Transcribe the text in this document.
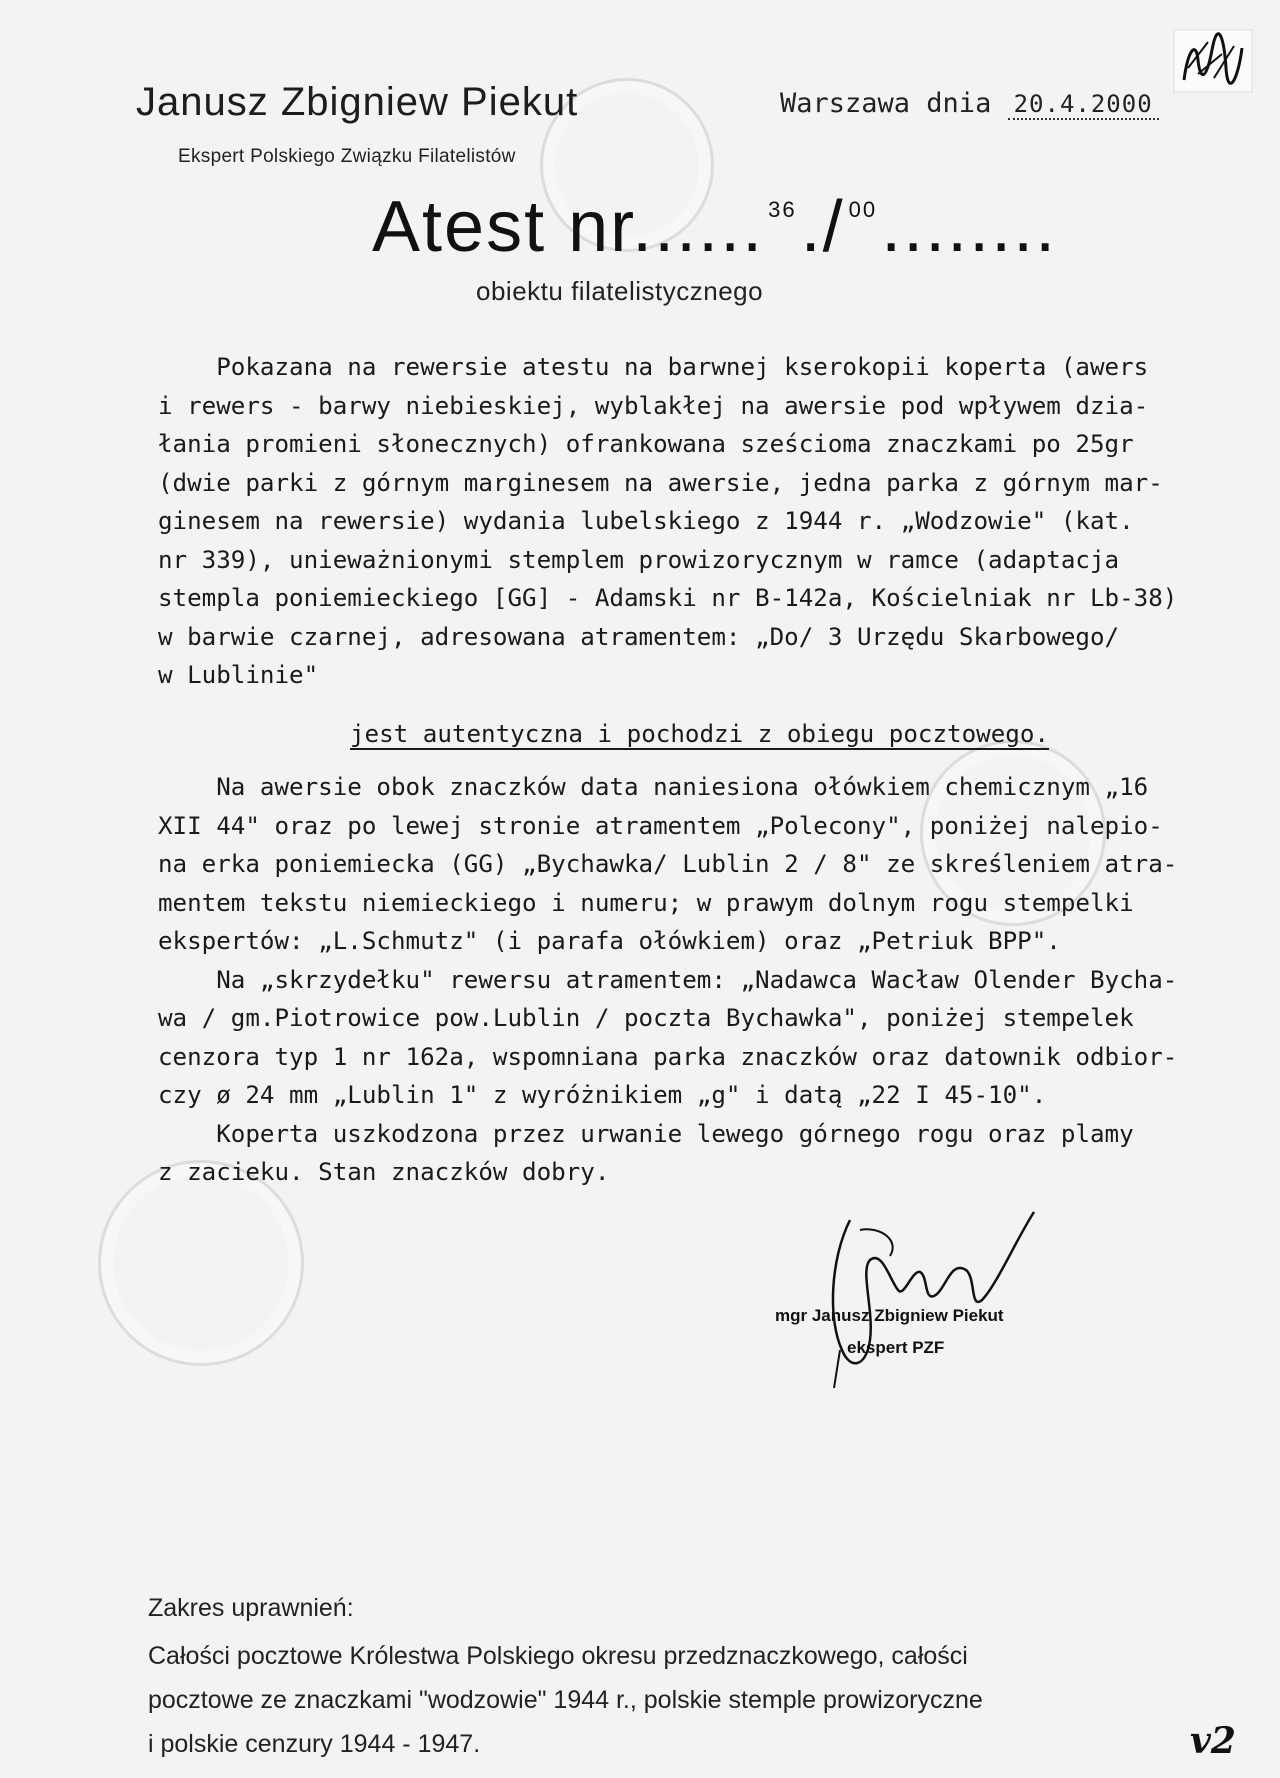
Janusz Zbigniew Piekut
Ekspert Polskiego Związku Filatelistów
Warszawa dnia 20.4.2000
Atest nr...... $^{36}$./ $^{00}$........
obiektu filatelistycznego

Pokazana na rewersie atestu na barwnej kserokopii koperta (awers

i rewers - barwy niebieskiej, wyblakłej na awersie pod wpływem dzia-

łania promieni słonecznych) ofrankowana sześcioma znaczkami po 25gr

(dwie parki z górnym marginesem na awersie, jedna parka z górnym mar-

ginesem na rewersie) wydania lubelskiego z 1944 r. „Wodzowie" (kat.

nr 339), unieważnionymi stemplem prowizorycznym w ramce (adaptacja

stempla poniemieckiego [GG] - Adamski nr B-142a, Kościelniak nr Lb-38)

w barwie czarnej, adresowana atramentem: „Do/ 3 Urzędu Skarbowego/

w Lublinie"

jest autentyczna i pochodzi z obiegu pocztowego.

Na awersie obok znaczków data naniesiona ołówkiem chemicznym „16

XII 44" oraz po lewej stronie atramentem „Polecony", poniżej nalepio-

na erka poniemiecka (GG) „Bychawka/ Lublin 2 / 8" ze skreśleniem atra-

mentem tekstu niemieckiego i numeru; w prawym dolnym rogu stempelki

ekspertów: „L.Schmutz" (i parafa ołówkiem) oraz „Petriuk BPP".

Na „skrzydełku" rewersu atramentem: „Nadawca Wacław Olender Bycha-

wa / gm.Piotrowice pow.Lublin / poczta Bychawka", poniżej stempelek

cenzora typ 1 nr 162a, wspomniana parka znaczków oraz datownik odbior-

czy ø 24 mm „Lublin 1" z wyróżnikiem „g" i datą „22 I 45-10".

Koperta uszkodzona przez urwanie lewego górnego rogu oraz plamy

z zacieku. Stan znaczków dobry.

mgr Janusz Zbigniew Piekut
ekspert PZF
Zakres uprawnień:

Całości pocztowe Królestwa Polskiego okresu przedznaczkowego, całości

pocztowe ze znaczkami "wodzowie" 1944 r., polskie stemple prowizoryczne

i polskie cenzury 1944 - 1947.	v2
